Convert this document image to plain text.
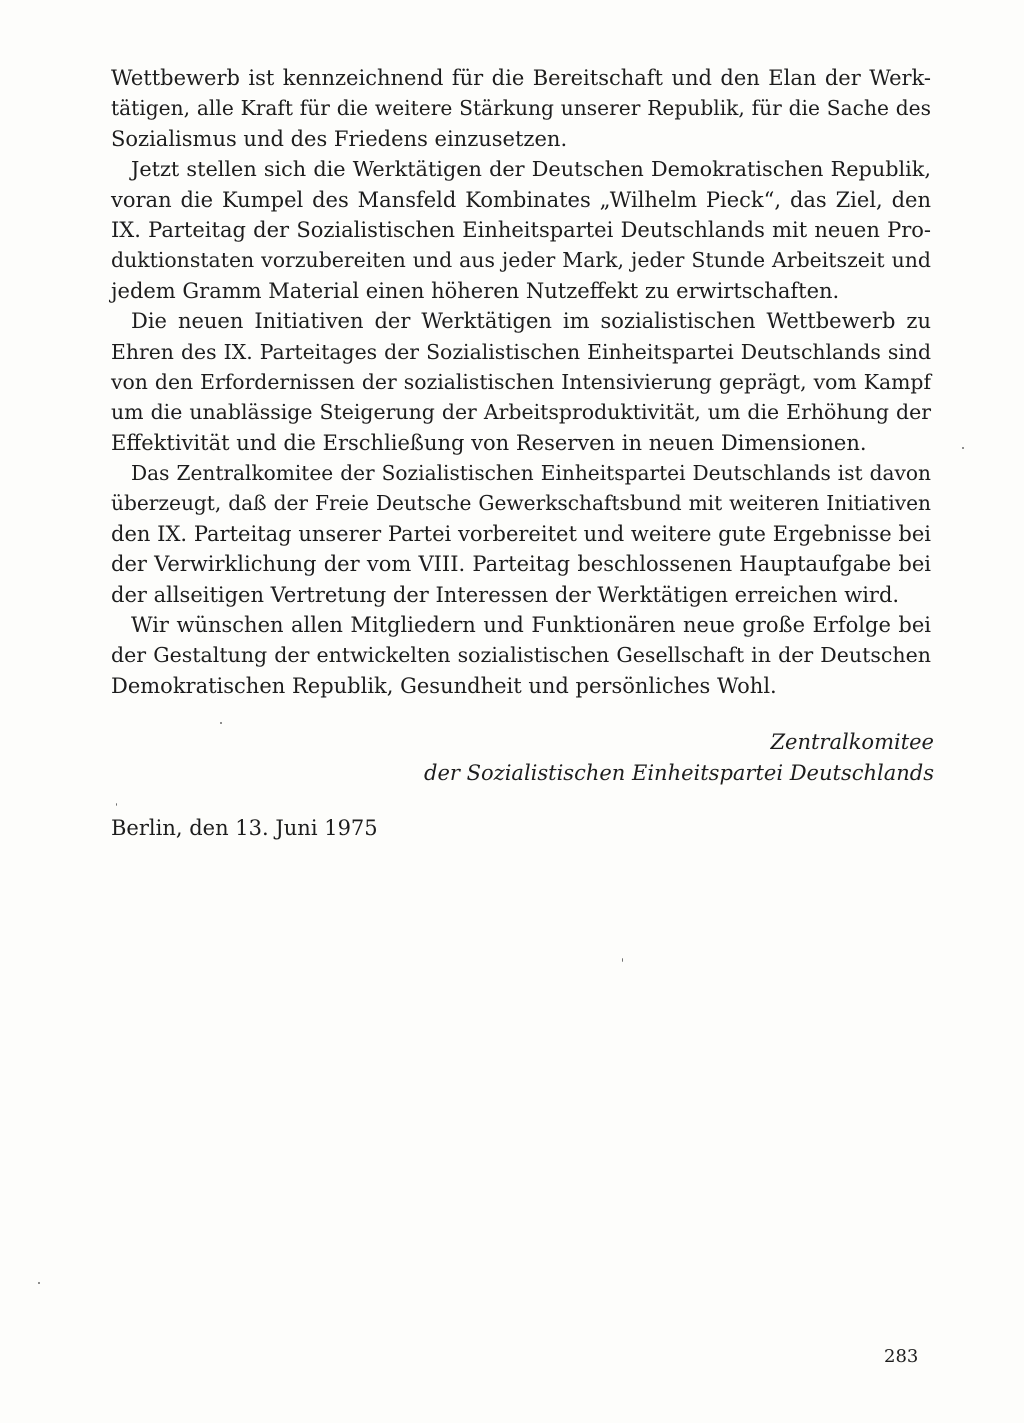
Wettbewerb ist kennzeichnend für die Bereitschaft und den Elan der Werk-
tätigen, alle Kraft für die weitere Stärkung unserer Republik, für die Sache des
Sozialismus und des Friedens einzusetzen.
Jetzt stellen sich die Werktätigen der Deutschen Demokratischen Republik,
voran die Kumpel des Mansfeld Kombinates „Wilhelm Pieck“, das Ziel, den
IX. Parteitag der Sozialistischen Einheitspartei Deutschlands mit neuen Pro-
duktionstaten vorzubereiten und aus jeder Mark, jeder Stunde Arbeitszeit und
jedem Gramm Material einen höheren Nutzeffekt zu erwirtschaften.
Die neuen Initiativen der Werktätigen im sozialistischen Wettbewerb zu
Ehren des IX. Parteitages der Sozialistischen Einheitspartei Deutschlands sind
von den Erfordernissen der sozialistischen Intensivierung geprägt, vom Kampf
um die unablässige Steigerung der Arbeitsproduktivität, um die Erhöhung der
Effektivität und die Erschließung von Reserven in neuen Dimensionen.
Das Zentralkomitee der Sozialistischen Einheitspartei Deutschlands ist davon
überzeugt, daß der Freie Deutsche Gewerkschaftsbund mit weiteren Initiativen
den IX. Parteitag unserer Partei vorbereitet und weitere gute Ergebnisse bei
der Verwirklichung der vom VIII. Parteitag beschlossenen Hauptaufgabe bei
der allseitigen Vertretung der Interessen der Werktätigen erreichen wird.
Wir wünschen allen Mitgliedern und Funktionären neue große Erfolge bei
der Gestaltung der entwickelten sozialistischen Gesellschaft in der Deutschen
Demokratischen Republik, Gesundheit und persönliches Wohl.
Zentralkomitee
der Sozialistischen Einheitspartei Deutschlands
Berlin, den 13. Juni 1975
283
